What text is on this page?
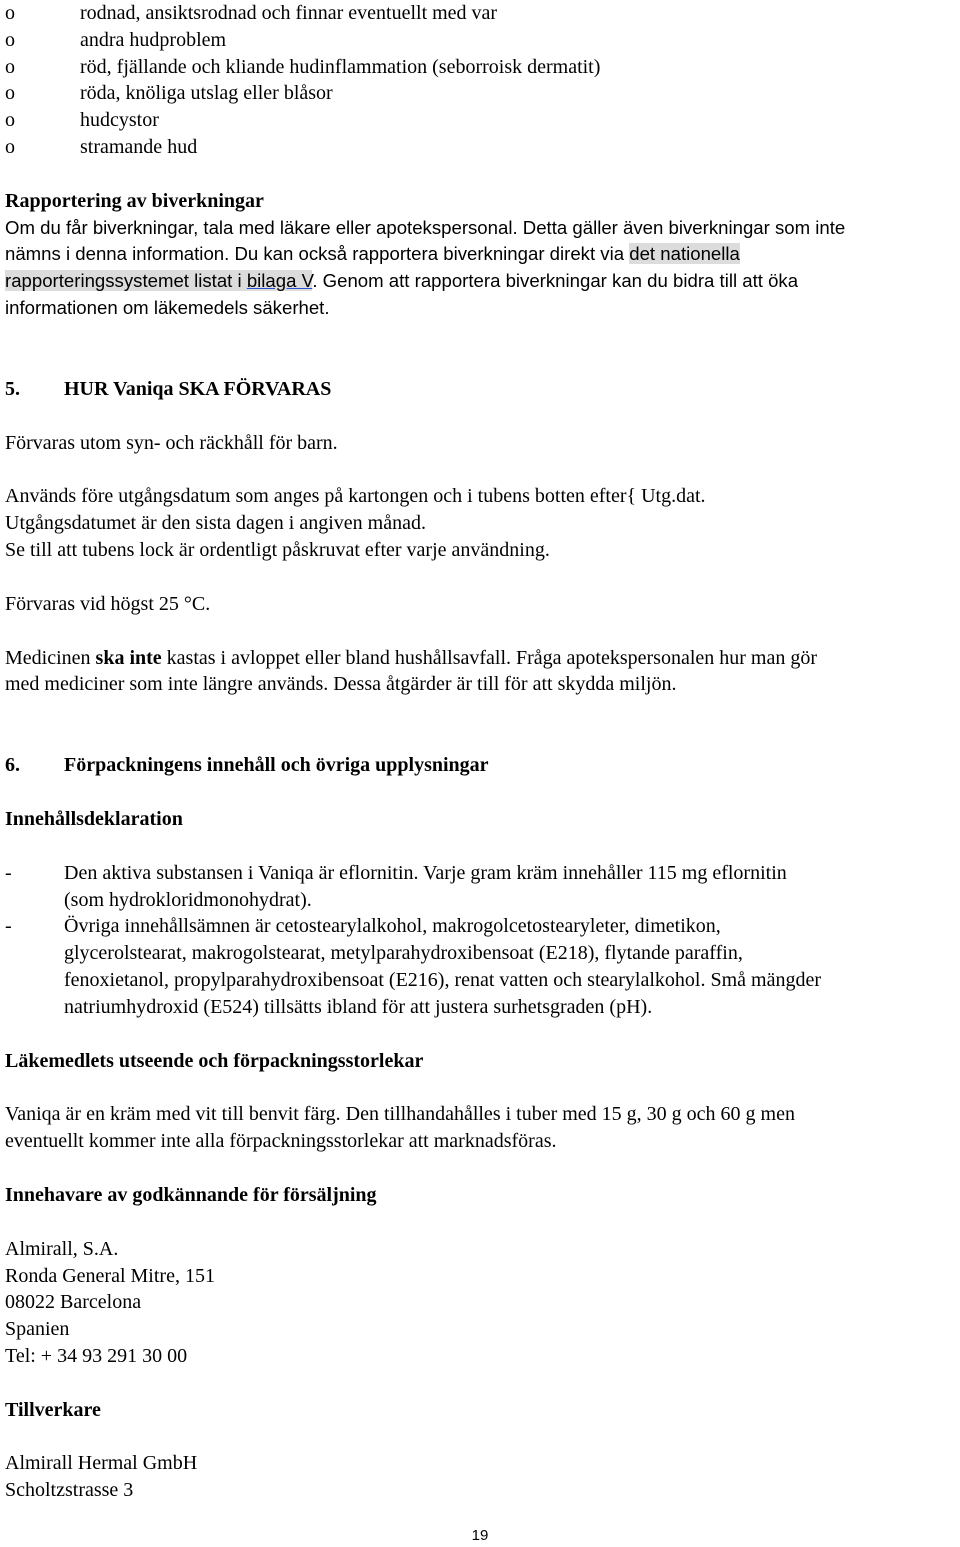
o	rodnad, ansiktsrodnad och finnar eventuellt med var
o	andra hudproblem
o	röd, fjällande och kliande hudinflammation (seborroisk dermatit)
o	röda, knöliga utslag eller blåsor
o	hudcystor
o	stramande hud
Rapportering av biverkningar
Om du får biverkningar, tala med läkare eller apotekspersonal. Detta gäller även biverkningar som inte
nämns i denna information. Du kan också rapportera biverkningar direkt via det nationella
rapporteringssystemet listat i bilaga V. Genom att rapportera biverkningar kan du bidra till att öka
informationen om läkemedels säkerhet.
5. HUR Vaniqa SKA FÖRVARAS
Förvaras utom syn- och räckhåll för barn.
Används före utgångsdatum som anges på kartongen och i tubens botten efter{ Utg.dat.
Utgångsdatumet är den sista dagen i angiven månad.
Se till att tubens lock är ordentligt påskruvat efter varje användning.
Förvaras vid högst 25 °C.
Medicinen ska inte kastas i avloppet eller bland hushållsavfall. Fråga apotekspersonalen hur man gör
med mediciner som inte längre används. Dessa åtgärder är till för att skydda miljön.
6. Förpackningens innehåll och övriga upplysningar
Innehållsdeklaration
-	Den aktiva substansen i Vaniqa är eflornitin. Varje gram kräm innehåller 115 mg eflornitin
(som hydrokloridmonohydrat).
-	Övriga innehållsämnen är cetostearylalkohol, makrogolcetostearyleter, dimetikon,
glycerolstearat, makrogolstearat, metylparahydroxibensoat (E218), flytande paraffin,
fenoxietanol, propylparahydroxibensoat (E216), renat vatten och stearylalkohol. Små mängder
natriumhydroxid (E524) tillsätts ibland för att justera surhetsgraden (pH).
Läkemedlets utseende och förpackningsstorlekar
Vaniqa är en kräm med vit till benvit färg. Den tillhandahålles i tuber med 15 g, 30 g och 60 g men
eventuellt kommer inte alla förpackningsstorlekar att marknadsföras.
Innehavare av godkännande för försäljning
Almirall, S.A.
Ronda General Mitre, 151
08022 Barcelona
Spanien
Tel: + 34 93 291 30 00
Tillverkare
Almirall Hermal GmbH
Scholtzstrasse 3
19
